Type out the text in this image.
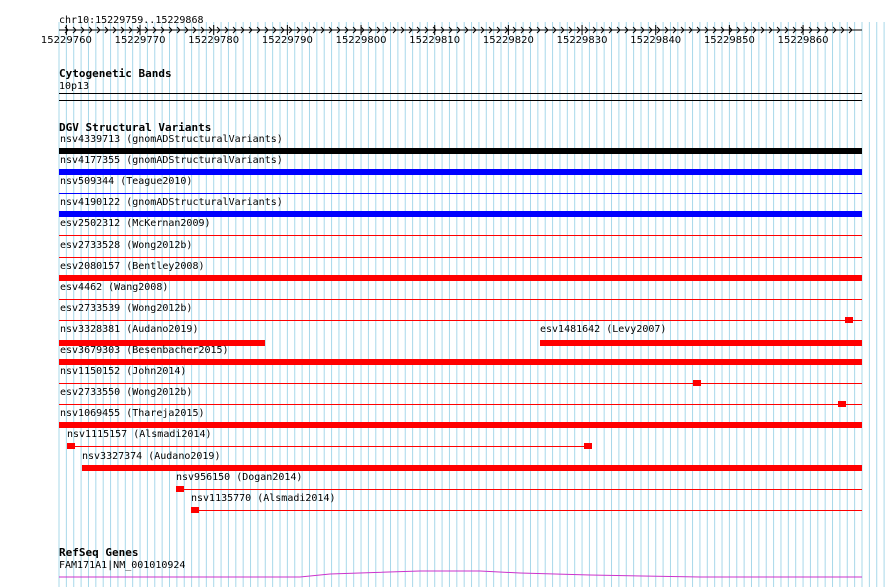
chr10:15229759..15229868
15229760 15229770 15229780 15229790 15229800 15229810 15229820 15229830 15229840 15229850 15229860
Cytogenetic Bands
10p13
DGV Structural Variants
nsv4339713 (gnomADStructuralVariants)
nsv4177355 (gnomADStructuralVariants)
nsv509344 (Teague2010)
nsv4190122 (gnomADStructuralVariants)
esv2502312 (McKernan2009)
esv2733528 (Wong2012b)
esv2080157 (Bentley2008)
esv4462 (Wang2008)
esv2733539 (Wong2012b)
nsv3328381 (Audano2019)	esv1481642 (Levy2007)
esv3679303 (Besenbacher2015)
nsv1150152 (John2014)
esv2733550 (Wong2012b)
nsv1069455 (Thareja2015)
nsv1115157 (Alsmadi2014)
nsv3327374 (Audano2019)
nsv956150 (Dogan2014)
nsv1135770 (Alsmadi2014)
RefSeq Genes
FAM171A1|NM_001010924
